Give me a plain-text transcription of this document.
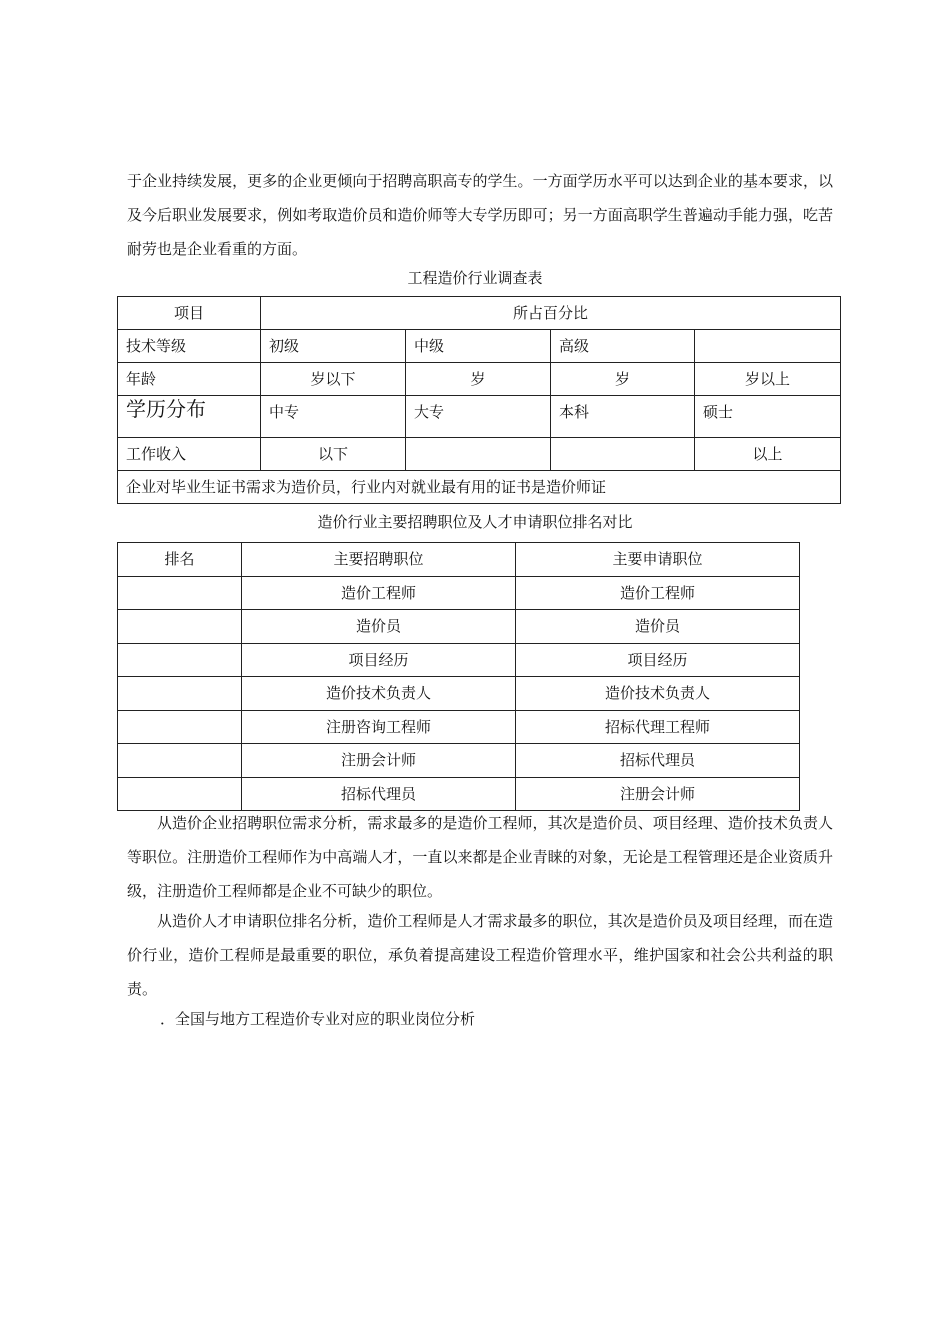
于企业持续发展，更多的企业更倾向于招聘高职高专的学生。一方面学历水平可以达到企业的基本要求，以及今后职业发展要求，例如考取造价员和造价师等大专学历即可；另一方面高职学生普遍动手能力强，吃苦耐劳也是企业看重的方面。

工程造价行业调查表
项目	所占百分比			
技术等级	初级	中级	高级	
年龄	岁以下	岁	岁	岁以上
学历分布	中专	大专	本科	硕士
工作收入	以下			以上
企业对毕业生证书需求为造价员，行业内对就业最有用的证书是造价师证				
造价行业主要招聘职位及人才申请职位排名对比
排名	主要招聘职位	主要申请职位
	造价工程师	造价工程师
	造价员	造价员
	项目经历	项目经历
	造价技术负责人	造价技术负责人
	注册咨询工程师	招标代理工程师
	注册会计师	招标代理员
	招标代理员	注册会计师

从造价企业招聘职位需求分析，需求最多的是造价工程师，其次是造价员、项目经理、造价技术负责人等职位。注册造价工程师作为中高端人才，一直以来都是企业青睐的对象，无论是工程管理还是企业资质升级，注册造价工程师都是企业不可缺少的职位。

从造价人才申请职位排名分析，造价工程师是人才需求最多的职位，其次是造价员及项目经理，而在造价行业，造价工程师是最重要的职位，承负着提高建设工程造价管理水平，维护国家和社会公共利益的职责。

．全国与地方工程造价专业对应的职业岗位分析
